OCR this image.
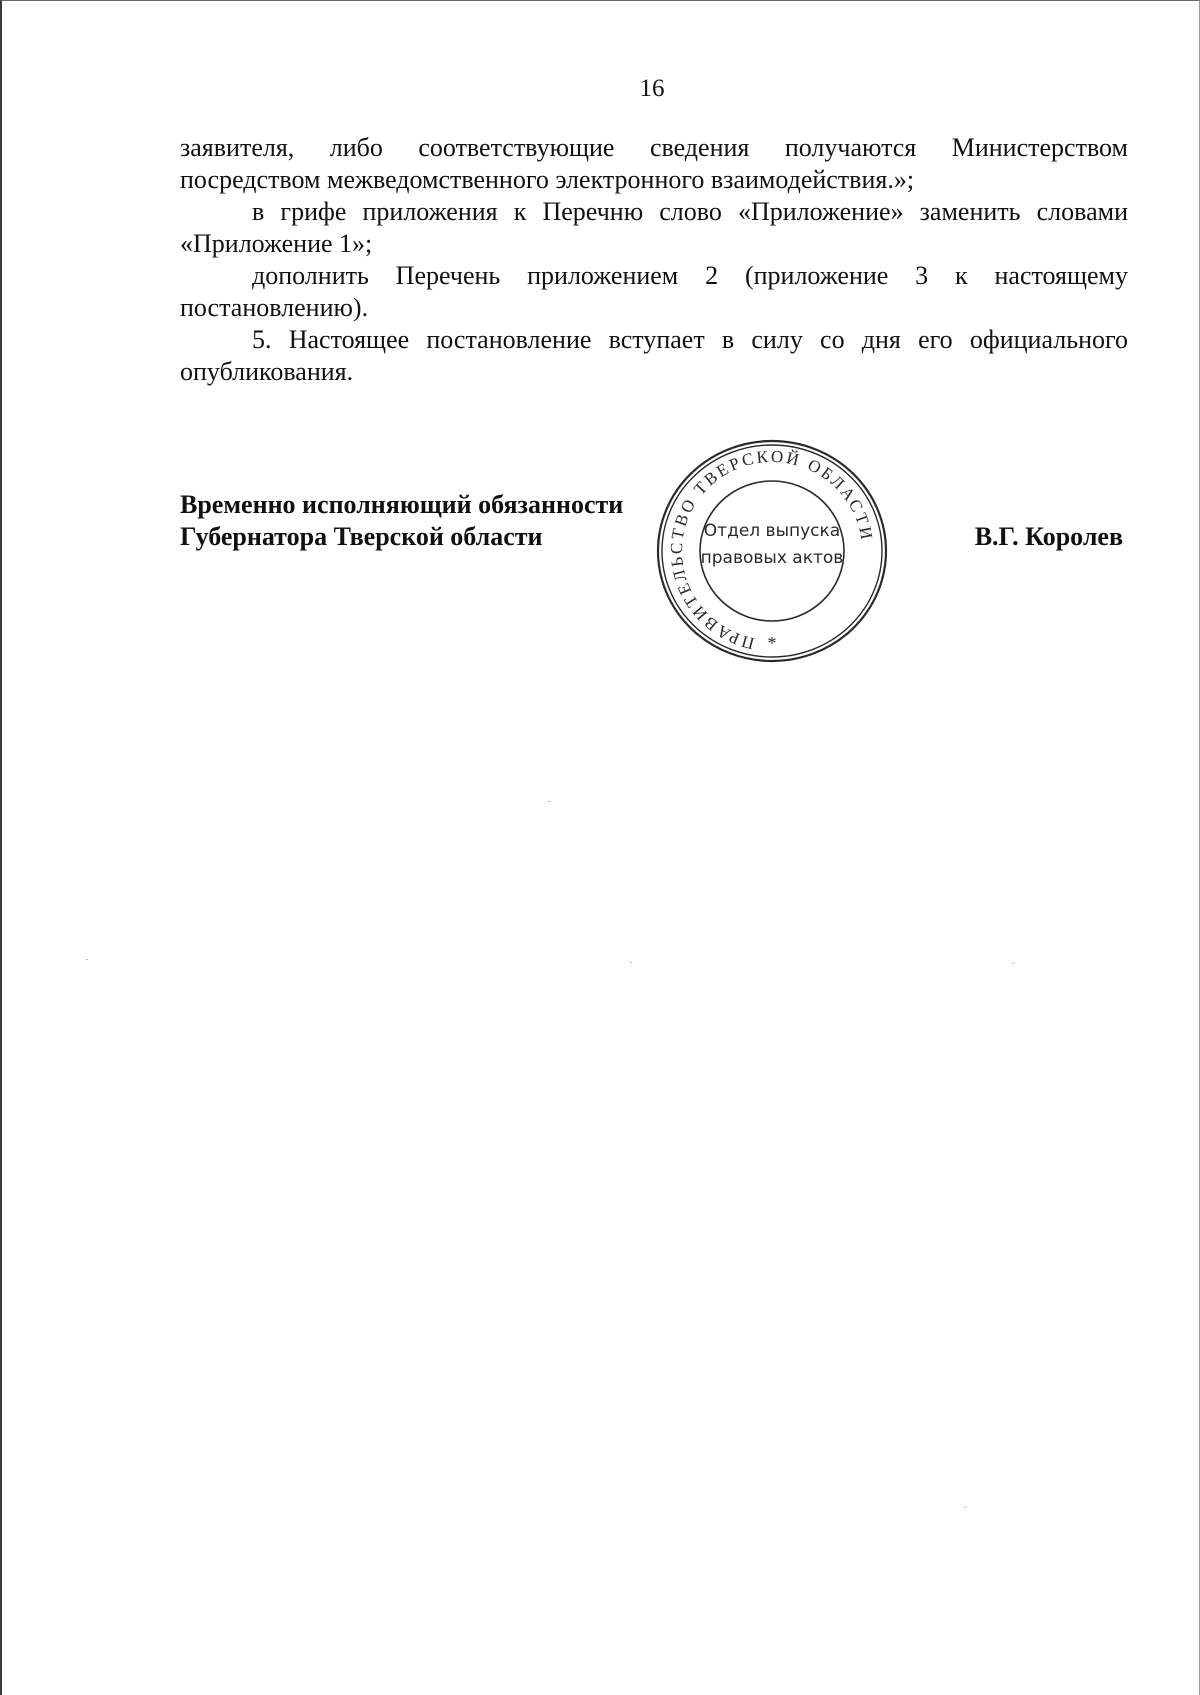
16

заявителя, либо соответствующие сведения получаются Министерством посредством межведомственного электронного взаимодействия.»;

в грифе приложения к Перечню слово «Приложение» заменить словами «Приложение 1»;

дополнить Перечень приложением 2 (приложение 3 к настоящему постановлению).

5. Настоящее постановление вступает в силу со дня его официального опубликования.

Временно исполняющий обязанности
Губернатора Тверской области	В.Г. Королев
ПРАВИТЕЛЬСТВО ТВЕРСКОЙ ОБЛАСТИ
Отдел выпуска
правовых актов
*
